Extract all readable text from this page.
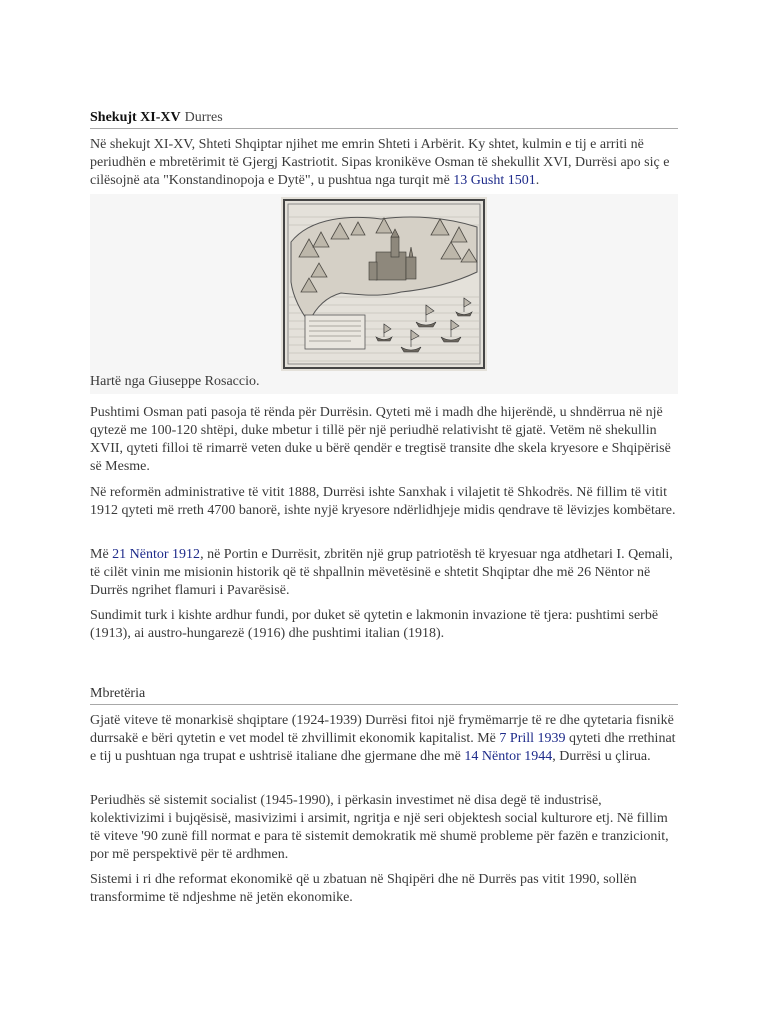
Shekujt XI-XV Durres

Në shekujt XI-XV, Shteti Shqiptar njihet me emrin Shteti i Arbërit. Ky shtet, kulmin e tij e arriti në periudhën e mbretërimit të Gjergj Kastriotit. Sipas kronikëve Osman të shekullit XVI, Durrësi apo siç e cilësojnë ata "Konstandinopoja e Dytë", u pushtua nga turqit më 13 Gusht 1501.

Hartë nga Giuseppe Rosaccio.

Pushtimi Osman pati pasoja të rënda për Durrësin. Qyteti më i madh dhe hijerëndë, u shndërrua në një qytezë me 100-120 shtëpi, duke mbetur i tillë për një periudhë relativisht të gjatë. Vetëm në shekullin XVII, qyteti filloi të rimarrë veten duke u bërë qendër e tregtisë transite dhe skela kryesore e Shqipërisë së Mesme.

Në reformën administrative të vitit 1888, Durrësi ishte Sanxhak i vilajetit të Shkodrës. Në fillim të vitit 1912 qyteti më rreth 4700 banorë, ishte nyjë kryesore ndërlidhjeje midis qendrave të lëvizjes kombëtare.

Më 21 Nëntor 1912, në Portin e Durrësit, zbritën një grup patriotësh të kryesuar nga atdhetari I. Qemali, të cilët vinin me misionin historik që të shpallnin mëvetësinë e shtetit Shqiptar dhe më 26 Nëntor në Durrës ngrihet flamuri i Pavarësisë.

Sundimit turk i kishte ardhur fundi, por duket së qytetin e lakmonin invazione të tjera: pushtimi serbë (1913), ai austro-hungarezë (1916) dhe pushtimi italian (1918).

Mbretëria

Gjatë viteve të monarkisë shqiptare (1924-1939) Durrësi fitoi një frymëmarrje të re dhe qytetaria fisnikë durrsakë e bëri qytetin e vet model të zhvillimit ekonomik kapitalist. Më 7 Prill 1939 qyteti dhe rrethinat e tij u pushtuan nga trupat e ushtrisë italiane dhe gjermane dhe më 14 Nëntor 1944, Durrësi u çlirua.

Periudhës së sistemit socialist (1945-1990), i përkasin investimet në disa degë të industrisë, kolektivizimi i bujqësisë, masivizimi i arsimit, ngritja e një seri objektesh social kulturore etj. Në fillim të viteve '90 zunë fill normat e para të sistemit demokratik më shumë probleme për fazën e tranzicionit, por më perspektivë për të ardhmen.

Sistemi i ri dhe reformat ekonomikë që u zbatuan në Shqipëri dhe në Durrës pas vitit 1990, sollën transformime të ndjeshme në jetën ekonomike.
